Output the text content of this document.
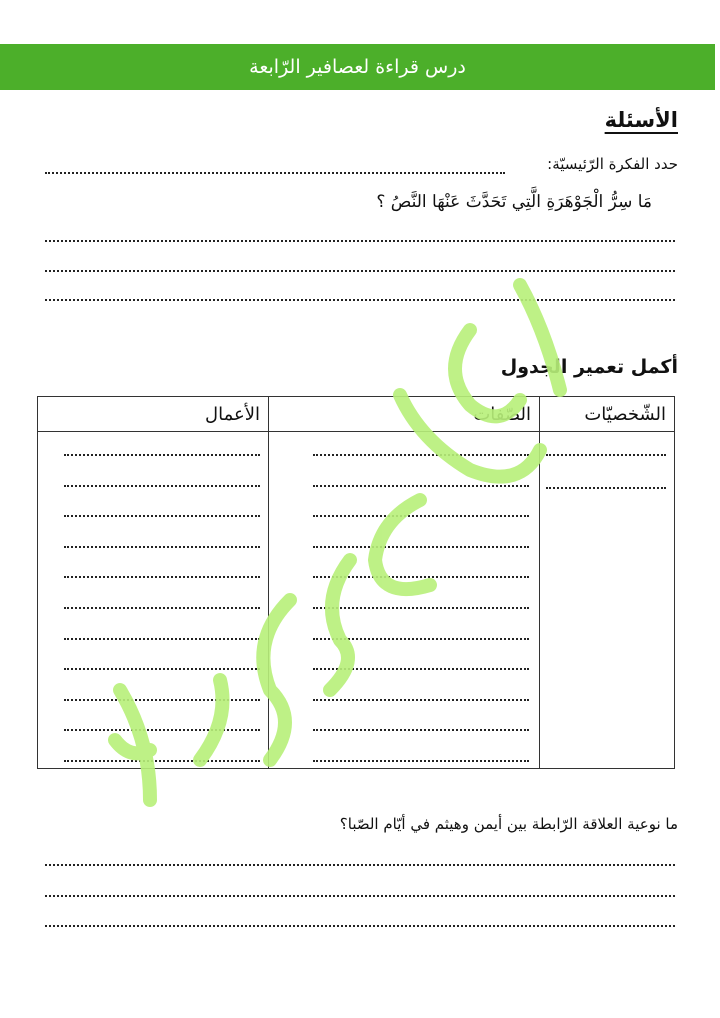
درس قراءة لعصافير الرّابعة
الأسئلة
حدد الفكرة الرّئيسيّة:
مَا سِرُّ الْجَوْهَرَةِ الَّتِي تَحَدَّثَ عَنْهَا النَّصُ ؟
أكمل تعمير الجدول
الشّخصيّات	الصّفات	الأعمال

ما نوعية العلاقة الرّابطة بين أيمن وهيثم في أيّام الصّبا؟
